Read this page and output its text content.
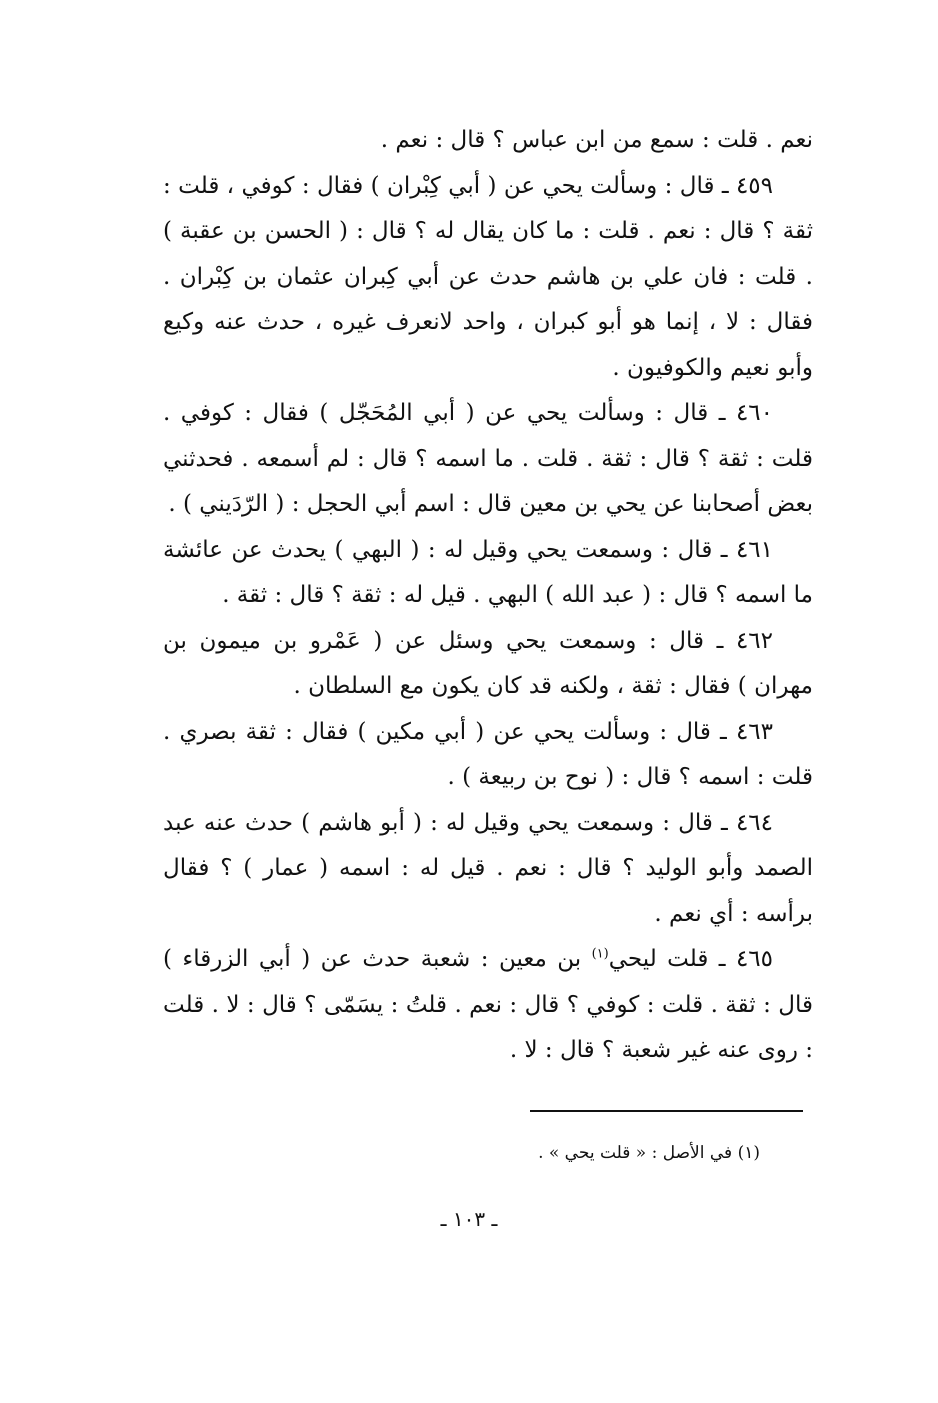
نعم . قلت : سمع من ابن عباس ؟ قال : نعم .

٤٥٩ ـ قال : وسألت يحي عن ( أبي كِبْران ) فقال : كوفي ، قلت : ثقة ؟ قال : نعم . قلت : ما كان يقال له ؟ قال : ( الحسن بن عقبة ) . قلت : فان علي بن هاشم حدث عن أبي كِبران عثمان بن كِبْران . فقال : لا ، إنما هو أبو كبران ، واحد لانعرف غيره ، حدث عنه وكيع وأبو نعيم والكوفيون .

٤٦٠ ـ قال : وسألت يحي عن ( أبي المُحَجّل ) فقال : كوفي . قلت : ثقة ؟ قال : ثقة . قلت . ما اسمه ؟ قال : لم أسمعه . فحدثني بعض أصحابنا عن يحي بن معين قال : اسم أبي الحجل : ( الرّدَيني ) .

٤٦١ ـ قال : وسمعت يحي وقيل له : ( البهي ) يحدث عن عائشة ما اسمه ؟ قال : ( عبد الله ) البهي . قيل له : ثقة ؟ قال : ثقة .

٤٦٢ ـ قال : وسمعت يحي وسئل عن ( عَمْرو بن ميمون بن مهران ) فقال : ثقة ، ولكنه قد كان يكون مع السلطان .

٤٦٣ ـ قال : وسألت يحي عن ( أبي مكين ) فقال : ثقة بصري . قلت : اسمه ؟ قال : ( نوح بن ربيعة ) .

٤٦٤ ـ قال : وسمعت يحي وقيل له : ( أبو هاشم ) حدث عنه عبد الصمد وأبو الوليد ؟ قال : نعم . قيل له : اسمه ( عمار ) ؟ فقال برأسه : أي نعم .

٤٦٥ ـ قلت ليحي$^{(١)}$ بن معين : شعبة حدث عن ( أبي الزرقاء ) قال : ثقة . قلت : كوفي ؟ قال : نعم . قلتُ : يسَمّى ؟ قال : لا . قلت : روى عنه غير شعبة ؟ قال : لا .

(١) في الأصل : « قلت يحي » .

ـ ١٠٣ ـ
